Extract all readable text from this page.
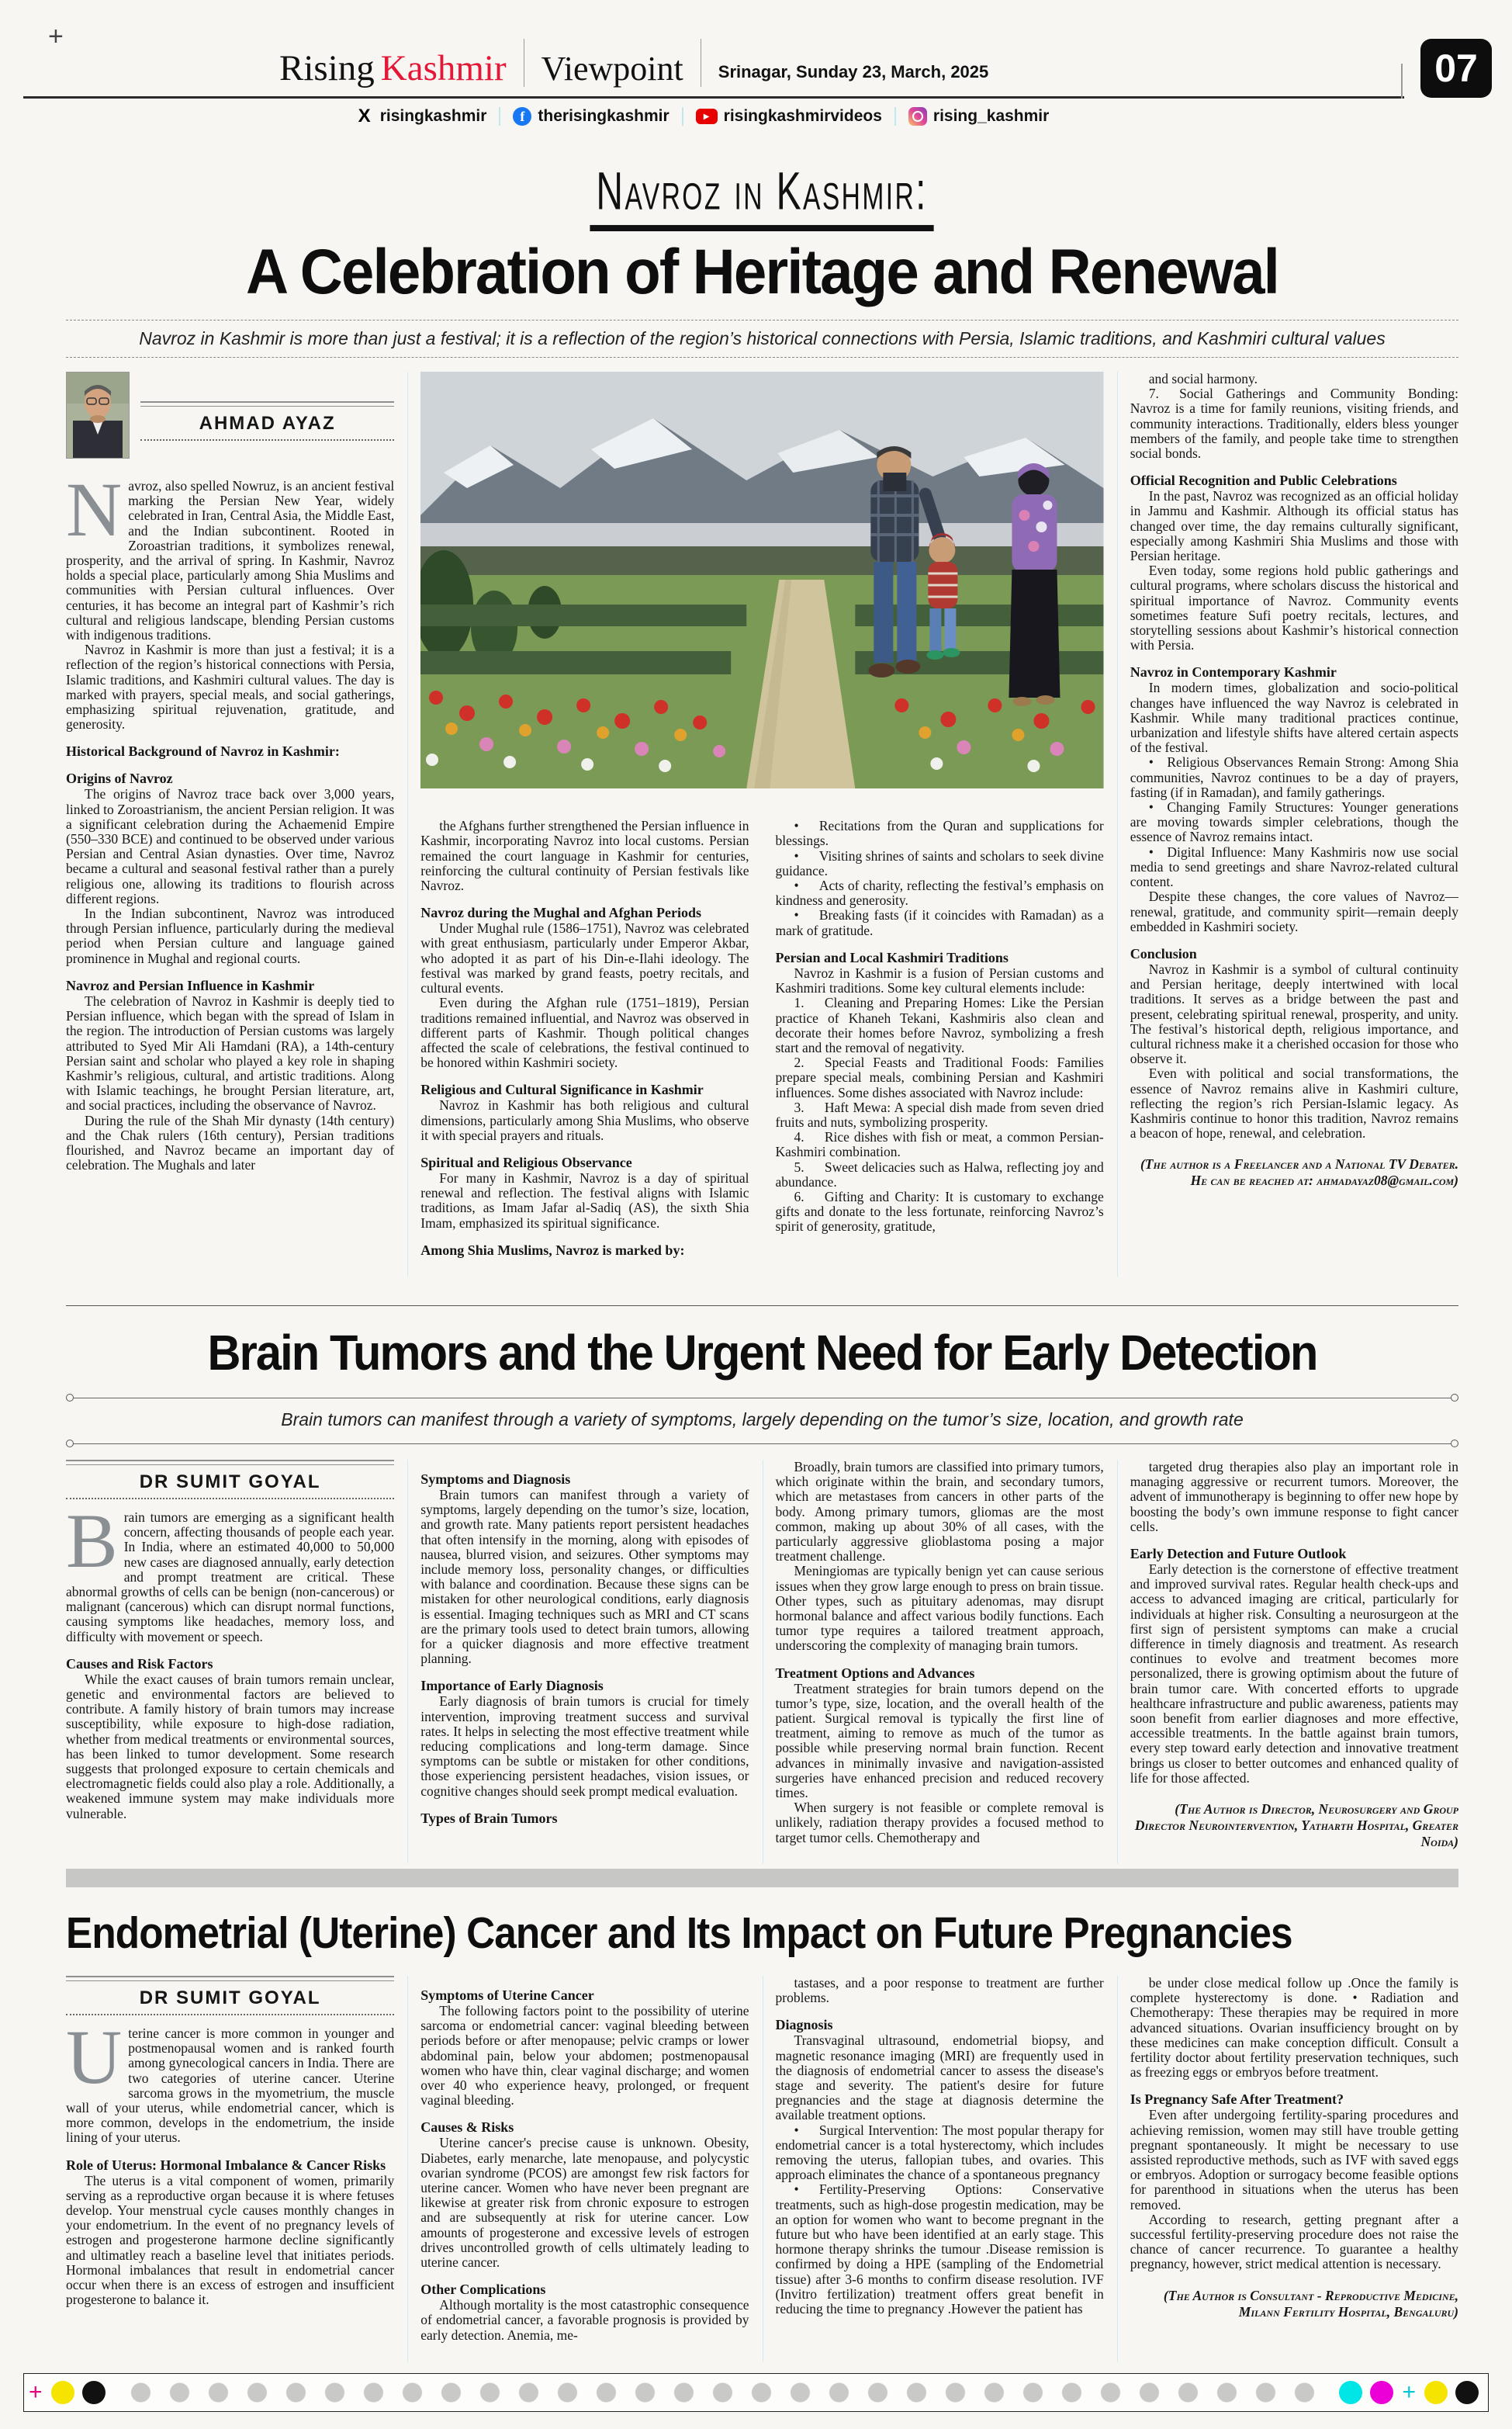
+
Rising Kashmir Viewpoint Srinagar, Sunday 23, March, 2025	07
X risingkashmir	f therisingkashmir	▶ risingkashmirvideos	rising_kashmir
Navroz in Kashmir:
A Celebration of Heritage and Renewal

Navroz in Kashmir is more than just a festival; it is a reflection of the region’s historical connections with Persia, Islamic traditions, and Kashmiri cultural values

AHMAD AYAZ

Navroz, also spelled Nowruz, is an ancient festival marking the Persian New Year, widely celebrated in Iran, Central Asia, the Middle East, and the Indian subcontinent. Rooted in Zoroastrian traditions, it symbolizes renewal, prosperity, and the arrival of spring. In Kashmir, Navroz holds a special place, particularly among Shia Muslims and communities with Persian cultural influences. Over centuries, it has become an integral part of Kashmir’s rich cultural and religious landscape, blending Persian customs with indigenous traditions.

Navroz in Kashmir is more than just a festival; it is a reflection of the region’s historical connections with Persia, Islamic traditions, and Kashmiri cultural values. The day is marked with prayers, special meals, and social gatherings, emphasizing spiritual rejuvenation, gratitude, and generosity.

Historical Background of Navroz in Kashmir:

Origins of Navroz

The origins of Navroz trace back over 3,000 years, linked to Zoroastrianism, the ancient Persian religion. It was a significant celebration during the Achaemenid Empire (550–330 BCE) and continued to be observed under various Persian and Central Asian dynasties. Over time, Navroz became a cultural and seasonal festival rather than a purely religious one, allowing its traditions to flourish across different regions.

In the Indian subcontinent, Navroz was introduced through Persian influence, particularly during the medieval period when Persian culture and language gained prominence in Mughal and regional courts.

Navroz and Persian Influence in Kashmir

The celebration of Navroz in Kashmir is deeply tied to Persian influence, which began with the spread of Islam in the region. The introduction of Persian customs was largely attributed to Syed Mir Ali Hamdani (RA), a 14th-century Persian saint and scholar who played a key role in shaping Kashmir’s religious, cultural, and artistic traditions. Along with Islamic teachings, he brought Persian literature, art, and social practices, including the observance of Navroz.

During the rule of the Shah Mir dynasty (14th century) and the Chak rulers (16th century), Persian traditions flourished, and Navroz became an important day of celebration. The Mughals and later

the Afghans further strengthened the Persian influence in Kashmir, incorporating Navroz into local customs. Persian remained the court language in Kashmir for centuries, reinforcing the cultural continuity of Persian festivals like Navroz.

Navroz during the Mughal and Afghan Periods

Under Mughal rule (1586–1751), Navroz was celebrated with great enthusiasm, particularly under Emperor Akbar, who adopted it as part of his Din-e-Ilahi ideology. The festival was marked by grand feasts, poetry recitals, and cultural events.

Even during the Afghan rule (1751–1819), Persian traditions remained influential, and Navroz was observed in different parts of Kashmir. Though political changes affected the scale of celebrations, the festival continued to be honored within Kashmiri society.

Religious and Cultural Significance in Kashmir

Navroz in Kashmir has both religious and cultural dimensions, particularly among Shia Muslims, who observe it with special prayers and rituals.

Spiritual and Religious Observance

For many in Kashmir, Navroz is a day of spiritual renewal and reflection. The festival aligns with Islamic traditions, as Imam Jafar al-Sadiq (AS), the sixth Shia Imam, emphasized its spiritual significance.

Among Shia Muslims, Navroz is marked by:

•   Recitations from the Quran and supplications for blessings.

•   Visiting shrines of saints and scholars to seek divine guidance.

•   Acts of charity, reflecting the festival’s emphasis on kindness and generosity.

•   Breaking fasts (if it coincides with Ramadan) as a mark of gratitude.

Persian and Local Kashmiri Traditions

Navroz in Kashmir is a fusion of Persian customs and Kashmiri traditions. Some key cultural elements include:

1.   Cleaning and Preparing Homes: Like the Persian practice of Khaneh Tekani, Kashmiris also clean and decorate their homes before Navroz, symbolizing a fresh start and the removal of negativity.

2.   Special Feasts and Traditional Foods: Families prepare special meals, combining Persian and Kashmiri influences. Some dishes associated with Navroz include:

3.   Haft Mewa: A special dish made from seven dried fruits and nuts, symbolizing prosperity.

4.   Rice dishes with fish or meat, a common Persian-Kashmiri combination.

5.   Sweet delicacies such as Halwa, reflecting joy and abundance.

6.   Gifting and Charity: It is customary to exchange gifts and donate to the less fortunate, reinforcing Navroz’s spirit of generosity, gratitude,

and social harmony.

7.   Social Gatherings and Community Bonding: Navroz is a time for family reunions, visiting friends, and community interactions. Traditionally, elders bless younger members of the family, and people take time to strengthen social bonds.

Official Recognition and Public Celebrations

In the past, Navroz was recognized as an official holiday in Jammu and Kashmir. Although its official status has changed over time, the day remains culturally significant, especially among Kashmiri Shia Muslims and those with Persian heritage.

Even today, some regions hold public gatherings and cultural programs, where scholars discuss the historical and spiritual importance of Navroz. Community events sometimes feature Sufi poetry recitals, lectures, and storytelling sessions about Kashmir’s historical connection with Persia.

Navroz in Contemporary Kashmir

In modern times, globalization and socio-political changes have influenced the way Navroz is celebrated in Kashmir. While many traditional practices continue, urbanization and lifestyle shifts have altered certain aspects of the festival.

•  Religious Observances Remain Strong: Among Shia communities, Navroz continues to be a day of prayers, fasting (if in Ramadan), and family gatherings.

•  Changing Family Structures: Younger generations are moving towards simpler celebrations, though the essence of Navroz remains intact.

•  Digital Influence: Many Kashmiris now use social media to send greetings and share Navroz-related cultural content.

Despite these changes, the core values of Navroz—renewal, gratitude, and community spirit—remain deeply embedded in Kashmiri society.

Conclusion

Navroz in Kashmir is a symbol of cultural continuity and Persian heritage, deeply intertwined with local traditions. It serves as a bridge between the past and present, celebrating spiritual renewal, prosperity, and unity. The festival’s historical depth, religious importance, and cultural richness make it a cherished occasion for those who observe it.

Even with political and social transformations, the essence of Navroz remains alive in Kashmiri culture, reflecting the region’s rich Persian-Islamic legacy. As Kashmiris continue to honor this tradition, Navroz remains a beacon of hope, renewal, and celebration.

(The author is a Freelancer and a National TV Debater. He can be reached at: ahmadayaz08@gmail.com)

Brain Tumors and the Urgent Need for Early Detection

Brain tumors can manifest through a variety of symptoms, largely depending on the tumor’s size, location, and growth rate

DR SUMIT GOYAL

Brain tumors are emerging as a significant health concern, affecting thousands of people each year. In India, where an estimated 40,000 to 50,000 new cases are diagnosed annually, early detection and prompt treatment are critical. These abnormal growths of cells can be benign (non-cancerous) or malignant (cancerous) which can disrupt normal functions, causing symptoms like headaches, memory loss, and difficulty with movement or speech.

Causes and Risk Factors

While the exact causes of brain tumors remain unclear, genetic and environmental factors are believed to contribute. A family history of brain tumors may increase susceptibility, while exposure to high-dose radiation, whether from medical treatments or environmental sources, has been linked to tumor development. Some research suggests that prolonged exposure to certain chemicals and electromagnetic fields could also play a role. Additionally, a weakened immune system may make individuals more vulnerable.

Symptoms and Diagnosis

Brain tumors can manifest through a variety of symptoms, largely depending on the tumor’s size, location, and growth rate. Many patients report persistent headaches that often intensify in the morning, along with episodes of nausea, blurred vision, and seizures. Other symptoms may include memory loss, personality changes, or difficulties with balance and coordination. Because these signs can be mistaken for other neurological conditions, early diagnosis is essential. Imaging techniques such as MRI and CT scans are the primary tools used to detect brain tumors, allowing for a quicker diagnosis and more effective treatment planning.

Importance of Early Diagnosis

Early diagnosis of brain tumors is crucial for timely intervention, improving treatment success and survival rates. It helps in selecting the most effective treatment while reducing complications and long-term damage. Since symptoms can be subtle or mistaken for other conditions, those experiencing persistent headaches, vision issues, or cognitive changes should seek prompt medical evaluation.

Types of Brain Tumors

Broadly, brain tumors are classified into primary tumors, which originate within the brain, and secondary tumors, which are metastases from cancers in other parts of the body. Among primary tumors, gliomas are the most common, making up about 30% of all cases, with the particularly aggressive glioblastoma posing a major treatment challenge.

Meningiomas are typically benign yet can cause serious issues when they grow large enough to press on brain tissue. Other types, such as pituitary adenomas, may disrupt hormonal balance and affect various bodily functions. Each tumor type requires a tailored treatment approach, underscoring the complexity of managing brain tumors.

Treatment Options and Advances

Treatment strategies for brain tumors depend on the tumor’s type, size, location, and the overall health of the patient. Surgical removal is typically the first line of treatment, aiming to remove as much of the tumor as possible while preserving normal brain function. Recent advances in minimally invasive and navigation-assisted surgeries have enhanced precision and reduced recovery times.

When surgery is not feasible or complete removal is unlikely, radiation therapy provides a focused method to target tumor cells. Chemotherapy and

targeted drug therapies also play an important role in managing aggressive or recurrent tumors. Moreover, the advent of immunotherapy is beginning to offer new hope by boosting the body’s own immune response to fight cancer cells.

Early Detection and Future Outlook

Early detection is the cornerstone of effective treatment and improved survival rates. Regular health check-ups and access to advanced imaging are critical, particularly for individuals at higher risk. Consulting a neurosurgeon at the first sign of persistent symptoms can make a crucial difference in timely diagnosis and treatment. As research continues to evolve and treatment becomes more personalized, there is growing optimism about the future of brain tumor care. With concerted efforts to upgrade healthcare infrastructure and public awareness, patients may soon benefit from earlier diagnoses and more effective, accessible treatments. In the battle against brain tumors, every step toward early detection and innovative treatment brings us closer to better outcomes and enhanced quality of life for those affected.

(The Author is Director, Neurosurgery and Group Director Neurointervention, Yatharth Hospital, Greater Noida)

Endometrial (Uterine) Cancer and Its Impact on Future Pregnancies
DR SUMIT GOYAL

Uterine cancer is more common in younger and postmenopausal women and is ranked fourth among gynecological cancers in India. There are two categories of uterine cancer. Uterine sarcoma grows in the myometrium, the muscle wall of your uterus, while endometrial cancer, which is more common, develops in the endometrium, the inside lining of your uterus.

Role of Uterus: Hormonal Imbalance & Cancer Risks

The uterus is a vital component of women, primarily serving as a reproductive organ because it is where fetuses develop. Your menstrual cycle causes monthly changes in your endometrium. In the event of no pregnancy levels of estrogen and progesterone harmone decline significantly and ultimatley reach a baseline level that initiates periods. Hormonal imbalances that result in endometrial cancer occur when there is an excess of estrogen and insufficient progesterone to balance it.

Symptoms of Uterine Cancer

The following factors point to the possibility of uterine sarcoma or endometrial cancer: vaginal bleeding between periods before or after menopause; pelvic cramps or lower abdominal pain, below your abdomen; postmenopausal women who have thin, clear vaginal discharge; and women over 40 who experience heavy, prolonged, or frequent vaginal bleeding.

Causes & Risks

Uterine cancer's precise cause is unknown. Obesity, Diabetes, early menarche, late menopause, and polycystic ovarian syndrome (PCOS) are amongst few risk factors for uterine cancer. Women who have never been pregnant are likewise at greater risk from chronic exposure to estrogen and are subsequently at risk for uterine cancer. Low amounts of progesterone and excessive levels of estrogen drives uncontrolled growth of cells ultimately leading to uterine cancer.

Other Complications

Although mortality is the most catastrophic consequence of endometrial cancer, a favorable prognosis is provided by early detection. Anemia, me-

tastases, and a poor response to treatment are further problems.

Diagnosis

Transvaginal ultrasound, endometrial biopsy, and magnetic resonance imaging (MRI) are frequently used in the diagnosis of endometrial cancer to assess the disease's stage and severity. The patient's desire for future pregnancies and the stage at diagnosis determine the available treatment options.

•   Surgical Intervention: The most popular therapy for endometrial cancer is a total hysterectomy, which includes removing the uterus, fallopian tubes, and ovaries. This approach eliminates the chance of a spontaneous pregnancy

•   Fertility-Preserving Options: Conservative treatments, such as high-dose progestin medication, may be an option for women who want to become pregnant in the future but who have been identified at an early stage. This hormone therapy shrinks the tumour .Disease remission is confirmed by doing a HPE (sampling of the Endometrial tissue) after 3-6 months to confirm disease resolution. IVF (Invitro fertilization) treatment offers great benefit in reducing the time to pregnancy .However the patient has

be under close medical follow up .Once the family is complete hysterectomy is done. •  Radiation and Chemotherapy: These therapies may be required in more advanced situations. Ovarian insufficiency brought on by these medicines can make conception difficult. Consult a fertility doctor about fertility preservation techniques, such as freezing eggs or embryos before treatment.

Is Pregnancy Safe After Treatment?

Even after undergoing fertility-sparing procedures and achieving remission, women may still have trouble getting pregnant spontaneously. It might be necessary to use assisted reproductive methods, such as IVF with saved eggs or embryos. Adoption or surrogacy become feasible options for parenthood in situations when the uterus has been removed.

According to research, getting pregnant after a successful fertility-preserving procedure does not raise the chance of cancer recurrence. To guarantee a healthy pregnancy, however, strict medical attention is necessary.

(The Author is Consultant - Reproductive Medicine, Milann Fertility Hospital, Bengaluru)

+	+
